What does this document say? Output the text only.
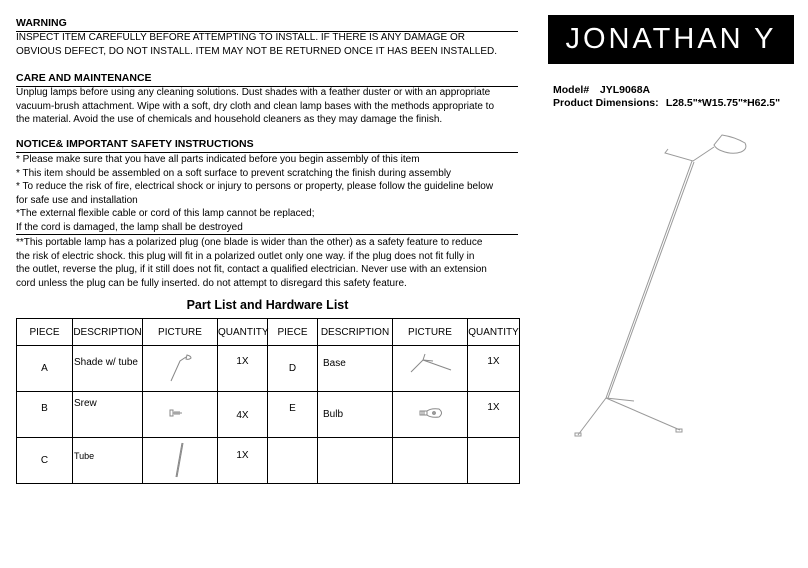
WARNING
INSPECT ITEM CAREFULLY BEFORE ATTEMPTING TO INSTALL. IF THERE IS ANY DAMAGE OR
OBVIOUS DEFECT, DO NOT INSTALL. ITEM MAY NOT BE RETURNED ONCE IT HAS BEEN INSTALLED.
CARE AND MAINTENANCE
Unplug lamps before using any cleaning solutions. Dust shades with a feather duster or with an appropriate
vacuum-brush attachment. Wipe with a soft, dry cloth and clean lamp bases with the methods appropriate to
the material. Avoid the use of chemicals and household cleaners as they may damage the finish.
NOTICE& IMPORTANT SAFETY INSTRUCTIONS
* Please make sure that you have all parts indicated before you begin assembly of this item
* This item should be assembled on a soft surface to prevent scratching the finish during assembly
* To reduce the risk of fire, electrical shock or injury to persons or property, please follow the guideline below
for safe use and installation
*The external flexible cable or cord of this lamp cannot be replaced;
If the cord is damaged, the lamp shall be destroyed
**This portable lamp has a polarized plug (one blade is wider than the other) as a safety feature to reduce
the risk of electric shock. this plug will fit in a polarized outlet only one way. if the plug does not fit fully in
the outlet, reverse the plug, if it still does not fit, contact a qualified electrician. Never use with an extension
cord unless the plug can be fully inserted. do not attempt to disregard this safety feature.
JONATHAN Y
Model# JYL9068A
Product Dimensions: L28.5"*W15.75"*H62.5"
Part List and Hardware List
PIECE	DESCRIPTION	PICTURE	QUANTITY	PIECE	DESCRIPTION	PICTURE	QUANTITY
A	Shade w/ tube		1X	D	Base		1X

B	Srew		4X	E	Bulb		1X

C	Tube		1X				
